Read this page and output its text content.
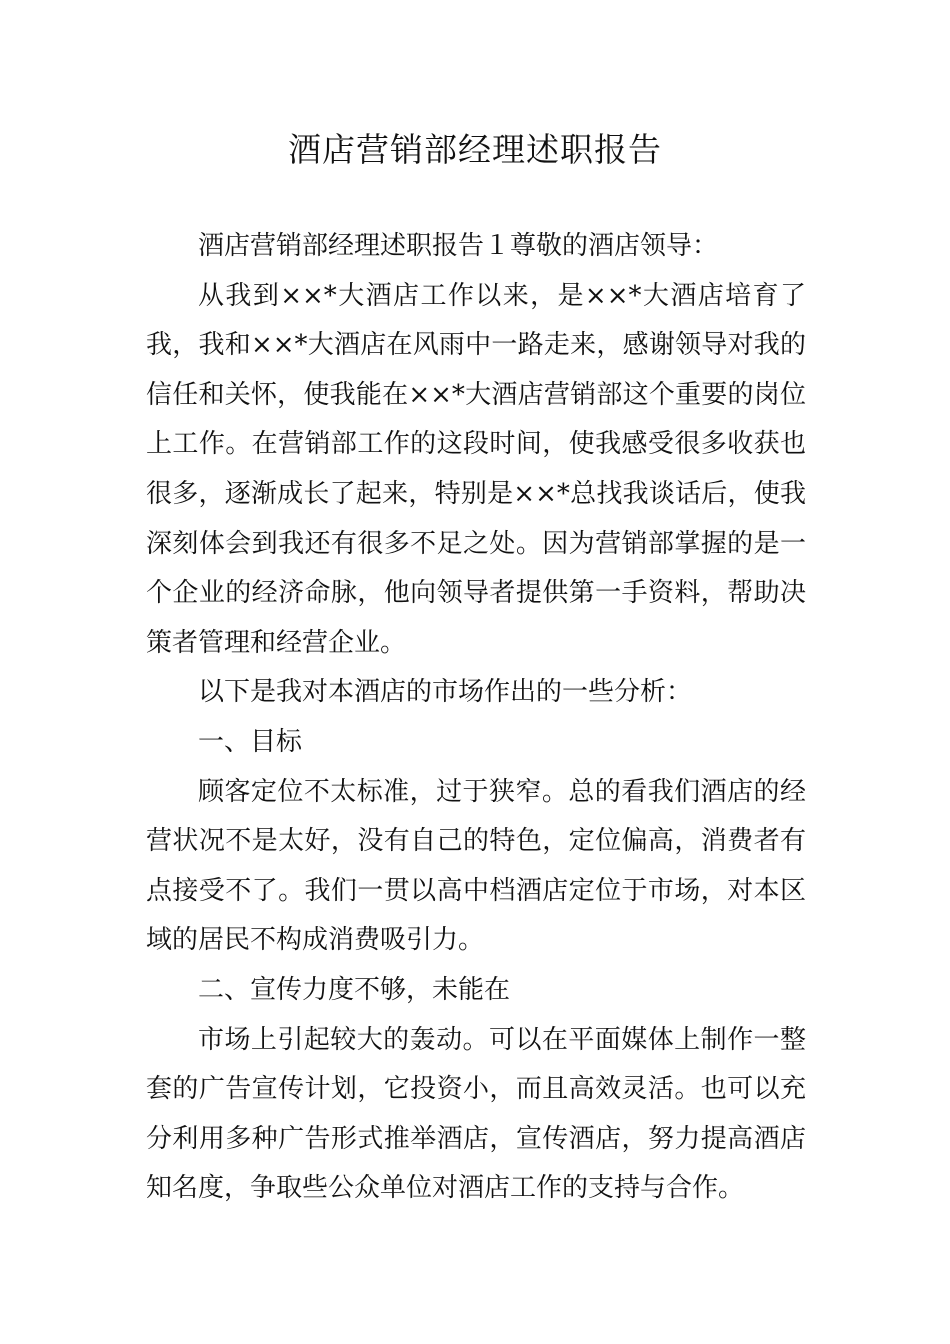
酒店营销部经理述职报告

酒店营销部经理述职报告１尊敬的酒店领导：

从我到××*大酒店工作以来，是××*大酒店培育了我，我和××*大酒店在风雨中一路走来，感谢领导对我的信任和关怀，使我能在××*大酒店营销部这个重要的岗位上工作。在营销部工作的这段时间，使我感受很多收获也很多，逐渐成长了起来，特别是××*总找我谈话后，使我深刻体会到我还有很多不足之处。因为营销部掌握的是一个企业的经济命脉，他向领导者提供第一手资料，帮助决策者管理和经营企业。

以下是我对本酒店的市场作出的一些分析：

一、目标

顾客定位不太标准，过于狭窄。总的看我们酒店的经营状况不是太好，没有自己的特色，定位偏高，消费者有点接受不了。我们一贯以高中档酒店定位于市场，对本区域的居民不构成消费吸引力。

二、宣传力度不够，未能在

市场上引起较大的轰动。可以在平面媒体上制作一整套的广告宣传计划，它投资小，而且高效灵活。也可以充分利用多种广告形式推举酒店，宣传酒店，努力提高酒店知名度，争取些公众单位对酒店工作的支持与合作。
